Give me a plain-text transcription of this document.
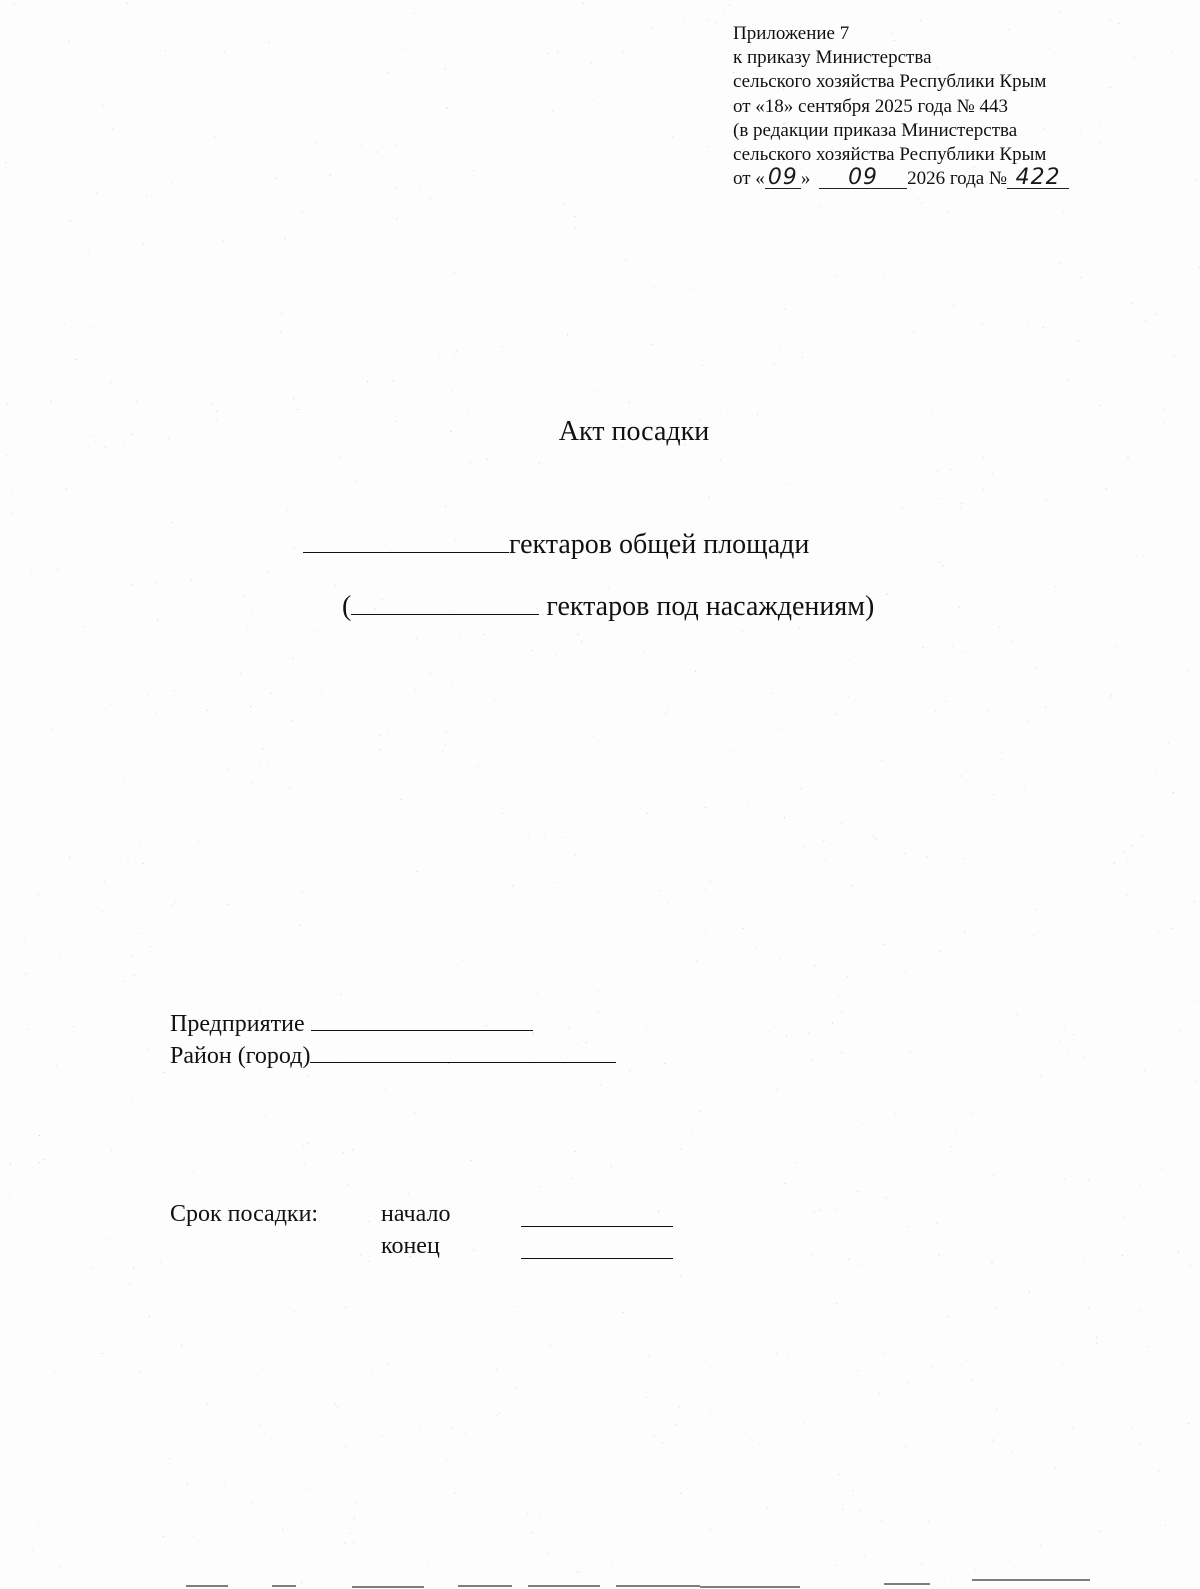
Приложение 7
к приказу Министерства
сельского хозяйства Республики Крым
от «18» сентября 2025 года № 443
(в редакции приказа Министерства
сельского хозяйства Республики Крым
от « 09 » 09 2026 года № 422
Акт посадки
гектаров общей площади
(	гектаров под насаждениям)
Предприятие
Район (город)
Срок посадки:	начало
конец
